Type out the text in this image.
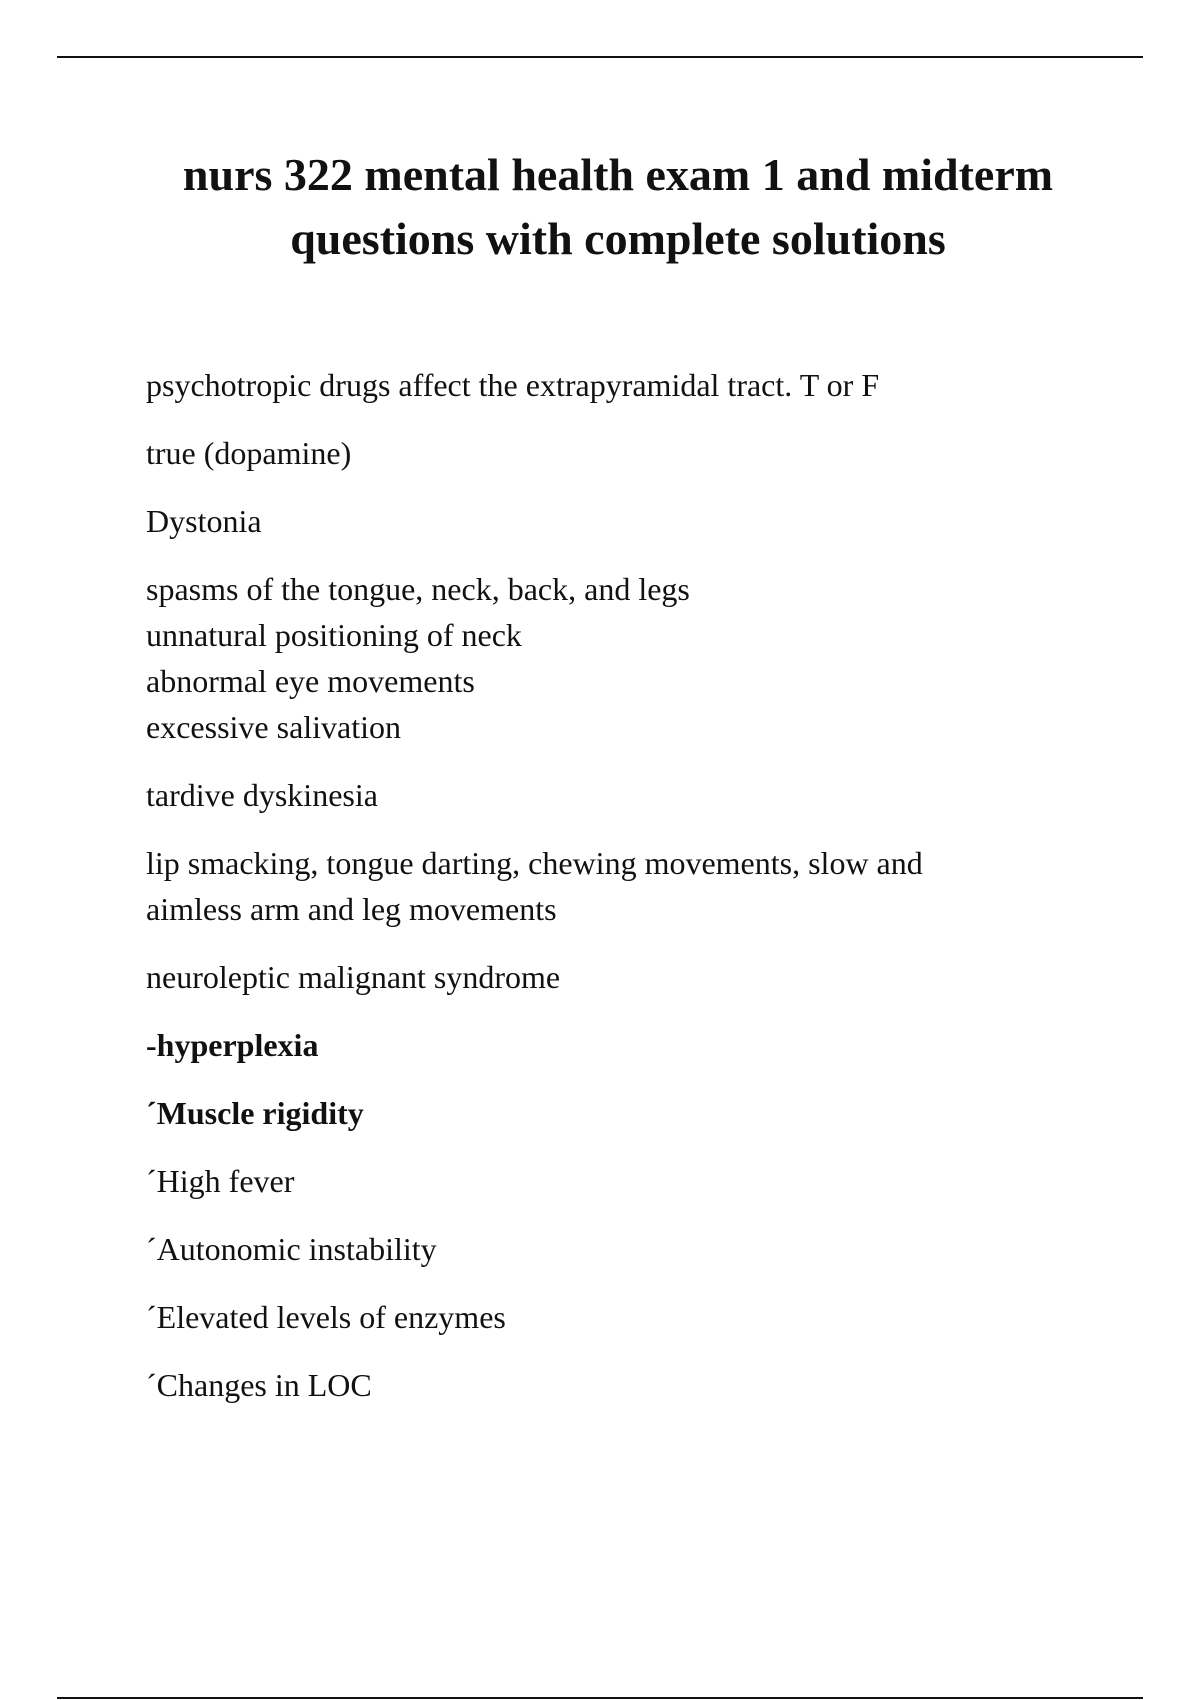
nurs 322 mental health exam 1 and midterm
questions with complete solutions

psychotropic drugs affect the extrapyramidal tract. T or F

true (dopamine)

Dystonia

spasms of the tongue, neck, back, and legs
unnatural positioning of neck
abnormal eye movements
excessive salivation

tardive dyskinesia

lip smacking, tongue darting, chewing movements, slow and
aimless arm and leg movements

neuroleptic malignant syndrome

-hyperplexia

´Muscle rigidity

´High fever

´Autonomic instability

´Elevated levels of enzymes

´Changes in LOC
